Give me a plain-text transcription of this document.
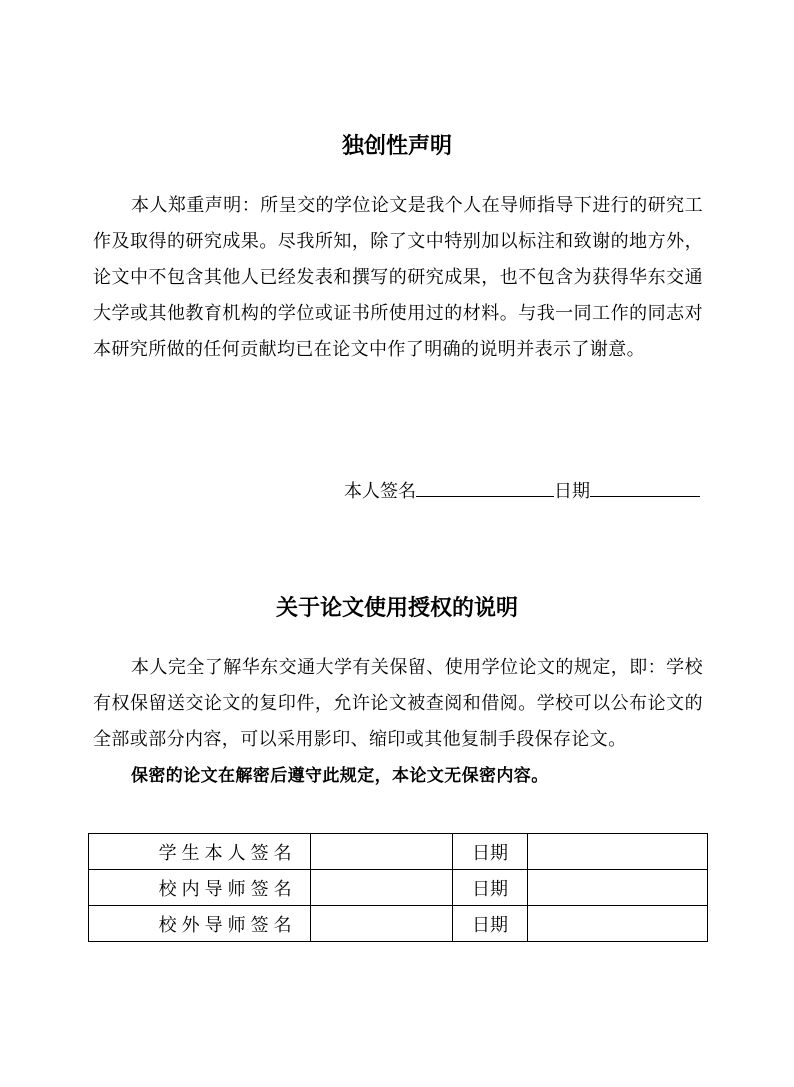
独创性声明

本人郑重声明：所呈交的学位论文是我个人在导师指导下进行的研究工作及取得的研究成果。尽我所知，除了文中特别加以标注和致谢的地方外，论文中不包含其他人已经发表和撰写的研究成果，也不包含为获得华东交通大学或其他教育机构的学位或证书所使用过的材料。与我一同工作的同志对本研究所做的任何贡献均已在论文中作了明确的说明并表示了谢意。

本人签名	日期
关于论文使用授权的说明

本人完全了解华东交通大学有关保留、使用学位论文的规定，即：学校有权保留送交论文的复印件，允许论文被查阅和借阅。学校可以公布论文的全部或部分内容，可以采用影印、缩印或其他复制手段保存论文。

保密的论文在解密后遵守此规定，本论文无保密内容。

学生本人签名		日期	
校内导师签名		日期	
校外导师签名		日期	
